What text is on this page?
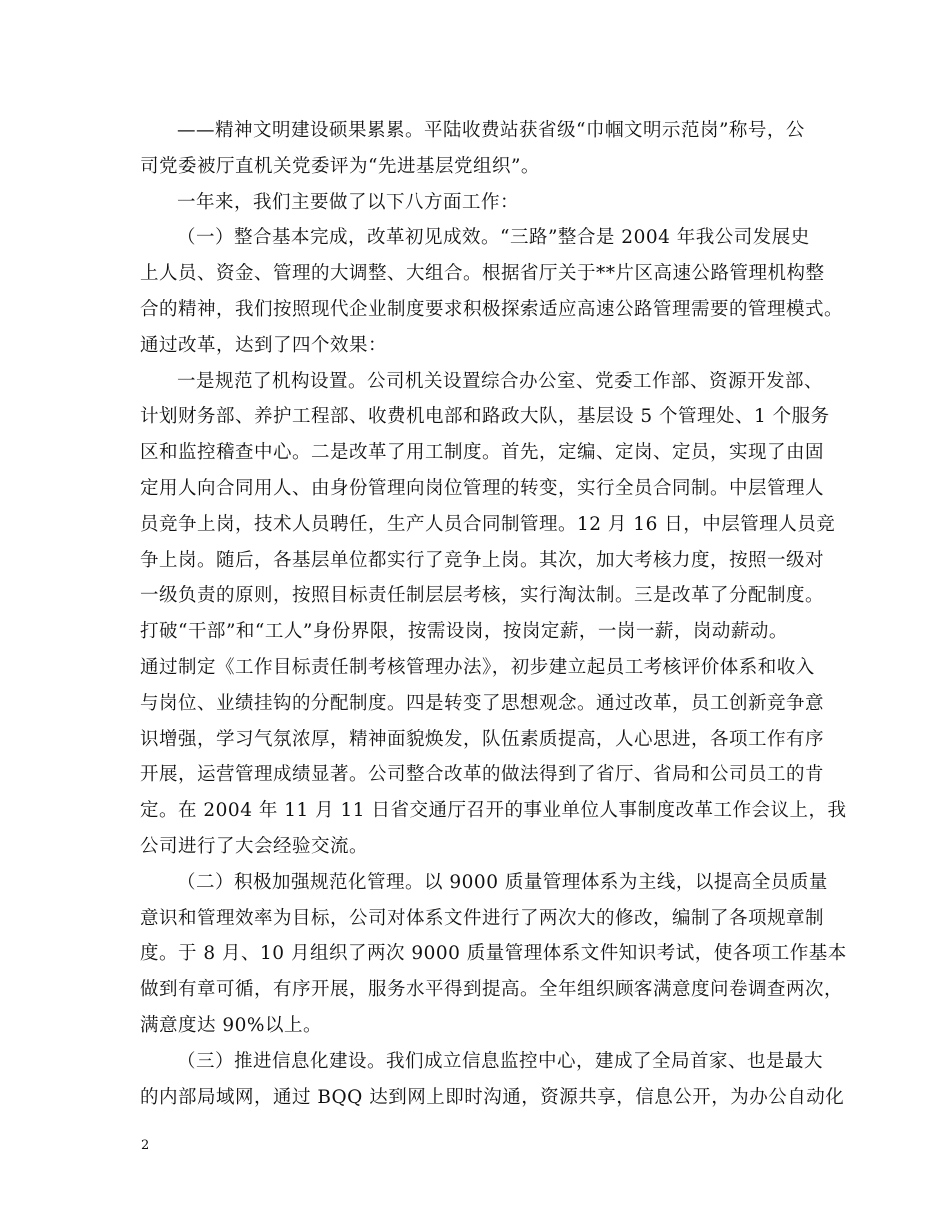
——精神文明建设硕果累累。平陆收费站获省级“巾帼文明示范岗”称号，公
司党委被厅直机关党委评为“先进基层党组织”。
一年来，我们主要做了以下八方面工作：
（一）整合基本完成，改革初见成效。“三路”整合是 2004 年我公司发展史
上人员、资金、管理的大调整、大组合。根据省厅关于**片区高速公路管理机构整
合的精神，我们按照现代企业制度要求积极探索适应高速公路管理需要的管理模式。
通过改革，达到了四个效果：
一是规范了机构设置。公司机关设置综合办公室、党委工作部、资源开发部、
计划财务部、养护工程部、收费机电部和路政大队，基层设 5 个管理处、1 个服务
区和监控稽查中心。二是改革了用工制度。首先，定编、定岗、定员，实现了由固
定用人向合同用人、由身份管理向岗位管理的转变，实行全员合同制。中层管理人
员竞争上岗，技术人员聘任，生产人员合同制管理。12 月 16 日，中层管理人员竞
争上岗。随后，各基层单位都实行了竞争上岗。其次，加大考核力度，按照一级对
一级负责的原则，按照目标责任制层层考核，实行淘汰制。三是改革了分配制度。
打破“干部”和“工人”身份界限，按需设岗，按岗定薪，一岗一薪，岗动薪动。
通过制定《工作目标责任制考核管理办法》，初步建立起员工考核评价体系和收入
与岗位、业绩挂钩的分配制度。四是转变了思想观念。通过改革，员工创新竞争意
识增强，学习气氛浓厚，精神面貌焕发，队伍素质提高，人心思进，各项工作有序
开展，运营管理成绩显著。公司整合改革的做法得到了省厅、省局和公司员工的肯
定。在 2004 年 11 月 11 日省交通厅召开的事业单位人事制度改革工作会议上，我
公司进行了大会经验交流。
（二）积极加强规范化管理。以 9000 质量管理体系为主线，以提高全员质量
意识和管理效率为目标，公司对体系文件进行了两次大的修改，编制了各项规章制
度。于 8 月、10 月组织了两次 9000 质量管理体系文件知识考试，使各项工作基本
做到有章可循，有序开展，服务水平得到提高。全年组织顾客满意度问卷调查两次，
满意度达 90%以上。
（三）推进信息化建设。我们成立信息监控中心，建成了全局首家、也是最大
的内部局域网，通过 BQQ 达到网上即时沟通，资源共享，信息公开，为办公自动化
2
